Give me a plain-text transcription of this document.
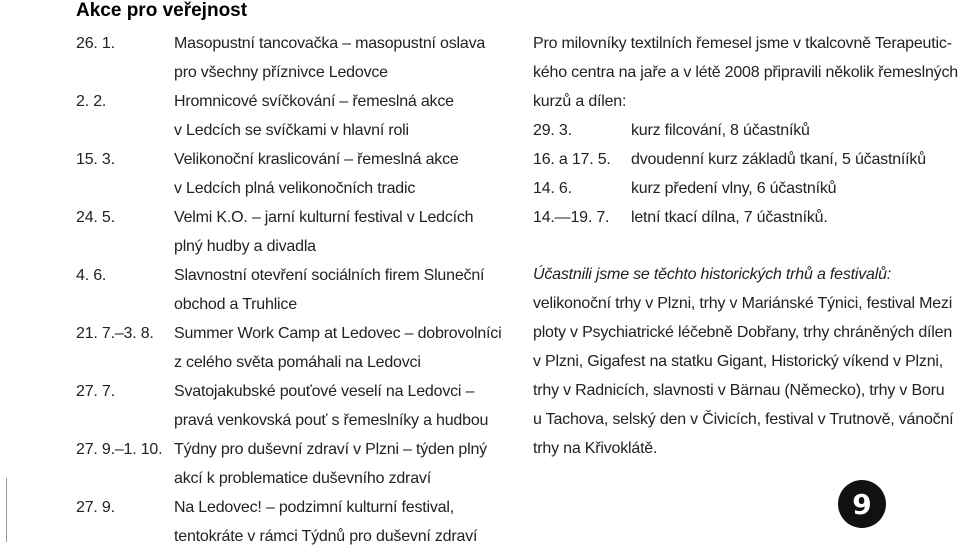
Akce pro veřejnost
26. 1.	Masopustní tancovačka – masopustní oslava
pro všechny příznivce Ledovce
2. 2.	Hromnicové svíčkování – řemeslná akce
v Ledcích se svíčkami v hlavní roli
15. 3.	Velikonoční kraslicování – řemeslná akce
v Ledcích plná velikonočních tradic
24. 5.	Velmi K.O. – jarní kulturní festival v Ledcích
plný hudby a divadla
4. 6.	Slavnostní otevření sociálních firem Sluneční
obchod a Truhlice
21. 7.–3. 8.	Summer Work Camp at Ledovec – dobrovolníci
z celého světa pomáhali na Ledovci
27. 7.	Svatojakubské pouťové veselí na Ledovci –
pravá venkovská pouť s řemeslníky a hudbou
27. 9.–1. 10. Týdny pro duševní zdraví v Plzni – týden plný
akcí k problematice duševního zdraví
27. 9.	Na Ledovec! – podzimní kulturní festival,
tentokráte v rámci Týdnů pro duševní zdraví
Pro milovníky textilních řemesel jsme v tkalcovně Terapeutic-
kého centra na jaře a v létě 2008 připravili několik řemeslných
kurzů a dílen:
29. 3.	kurz filcování, 8 účastníků
16. a 17. 5.	dvoudenní kurz základů tkaní, 5 účastnííků
14. 6.	kurz předení vlny, 6 účastníků
14.—19. 7.	letní tkací dílna, 7 účastníků.
Účastnili jsme se těchto historických trhů a festivalů:
velikonoční trhy v Plzni, trhy v Mariánské Týnici, festival Mezi
ploty v Psychiatrické léčebně Dobřany, trhy chráněných dílen
v Plzni, Gigafest na statku Gigant, Historický víkend v Plzni,
trhy v Radnicích, slavnosti v Bärnau (Německo), trhy v Boru
u Tachova, selský den v Čivicích, festival v Trutnově, vánoční
trhy na Křivoklátě.
9
